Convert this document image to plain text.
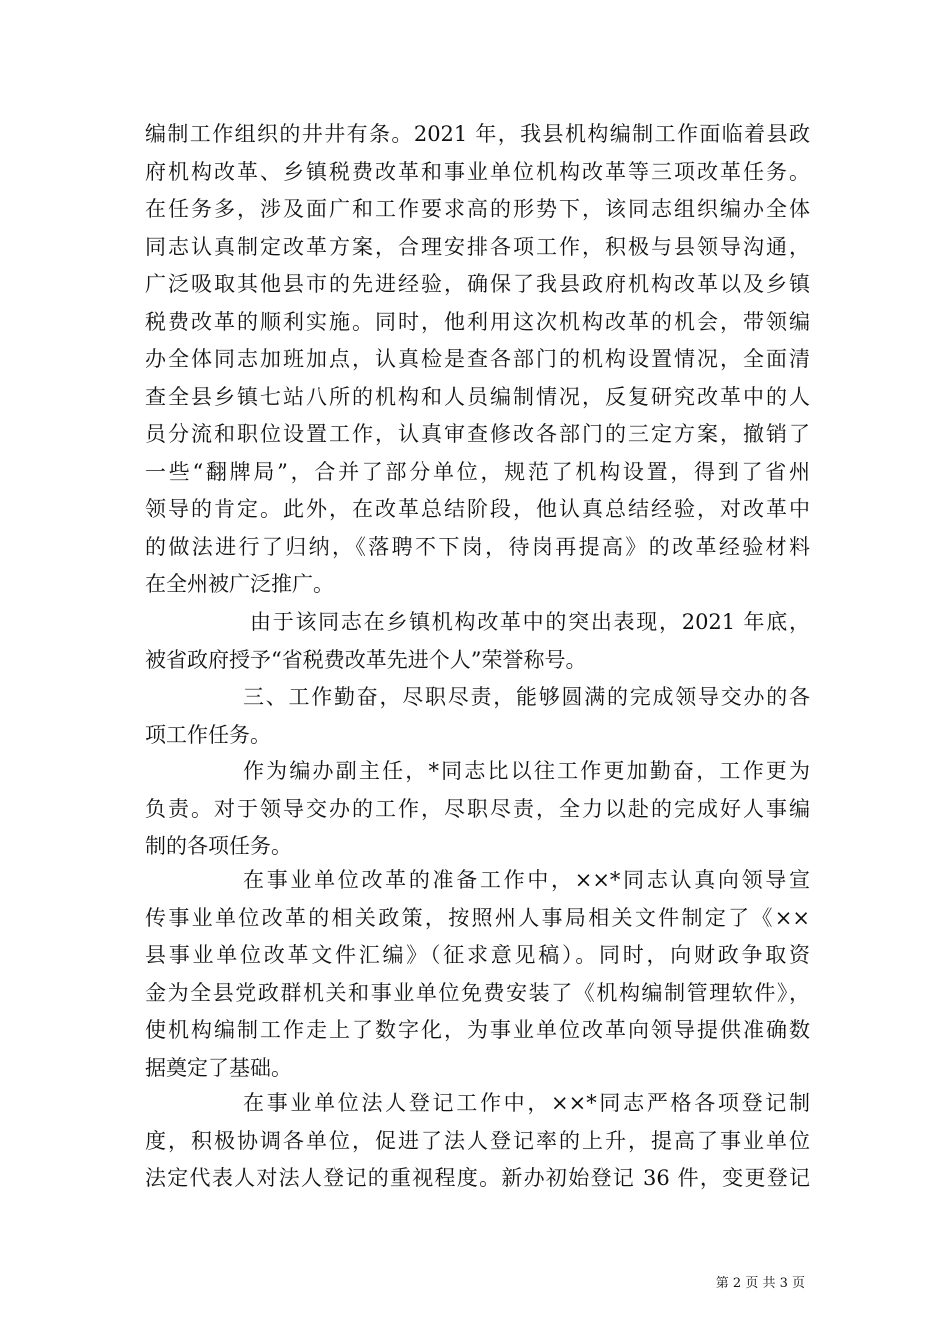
编制工作组织的井井有条。2021 年，我县机构编制工作面临着县政
府机构改革、乡镇税费改革和事业单位机构改革等三项改革任务。
在任务多，涉及面广和工作要求高的形势下，该同志组织编办全体
同志认真制定改革方案，合理安排各项工作，积极与县领导沟通，
广泛吸取其他县市的先进经验，确保了我县政府机构改革以及乡镇
税费改革的顺利实施。同时，他利用这次机构改革的机会，带领编
办全体同志加班加点，认真检是查各部门的机构设置情况，全面清
查全县乡镇七站八所的机构和人员编制情况，反复研究改革中的人
员分流和职位设置工作，认真审查修改各部门的三定方案，撤销了
一些“翻牌局”，合并了部分单位，规范了机构设置，得到了省州
领导的肯定。此外，在改革总结阶段，他认真总结经验，对改革中
的做法进行了归纳，《落聘不下岗，待岗再提高》的改革经验材料
在全州被广泛推广。
由于该同志在乡镇机构改革中的突出表现，2021 年底，
被省政府授予“省税费改革先进个人”荣誉称号。
三、工作勤奋，尽职尽责，能够圆满的完成领导交办的各
项工作任务。
作为编办副主任，*同志比以往工作更加勤奋，工作更为
负责。对于领导交办的工作，尽职尽责，全力以赴的完成好人事编
制的各项任务。
在事业单位改革的准备工作中，××*同志认真向领导宣
传事业单位改革的相关政策，按照州人事局相关文件制定了《××
县事业单位改革文件汇编》（征求意见稿）。同时，向财政争取资
金为全县党政群机关和事业单位免费安装了《机构编制管理软件》，
使机构编制工作走上了数字化，为事业单位改革向领导提供准确数
据奠定了基础。
在事业单位法人登记工作中，××*同志严格各项登记制
度，积极协调各单位，促进了法人登记率的上升，提高了事业单位
法定代表人对法人登记的重视程度。新办初始登记 36 件，变更登记
第 2 页 共 3 页
